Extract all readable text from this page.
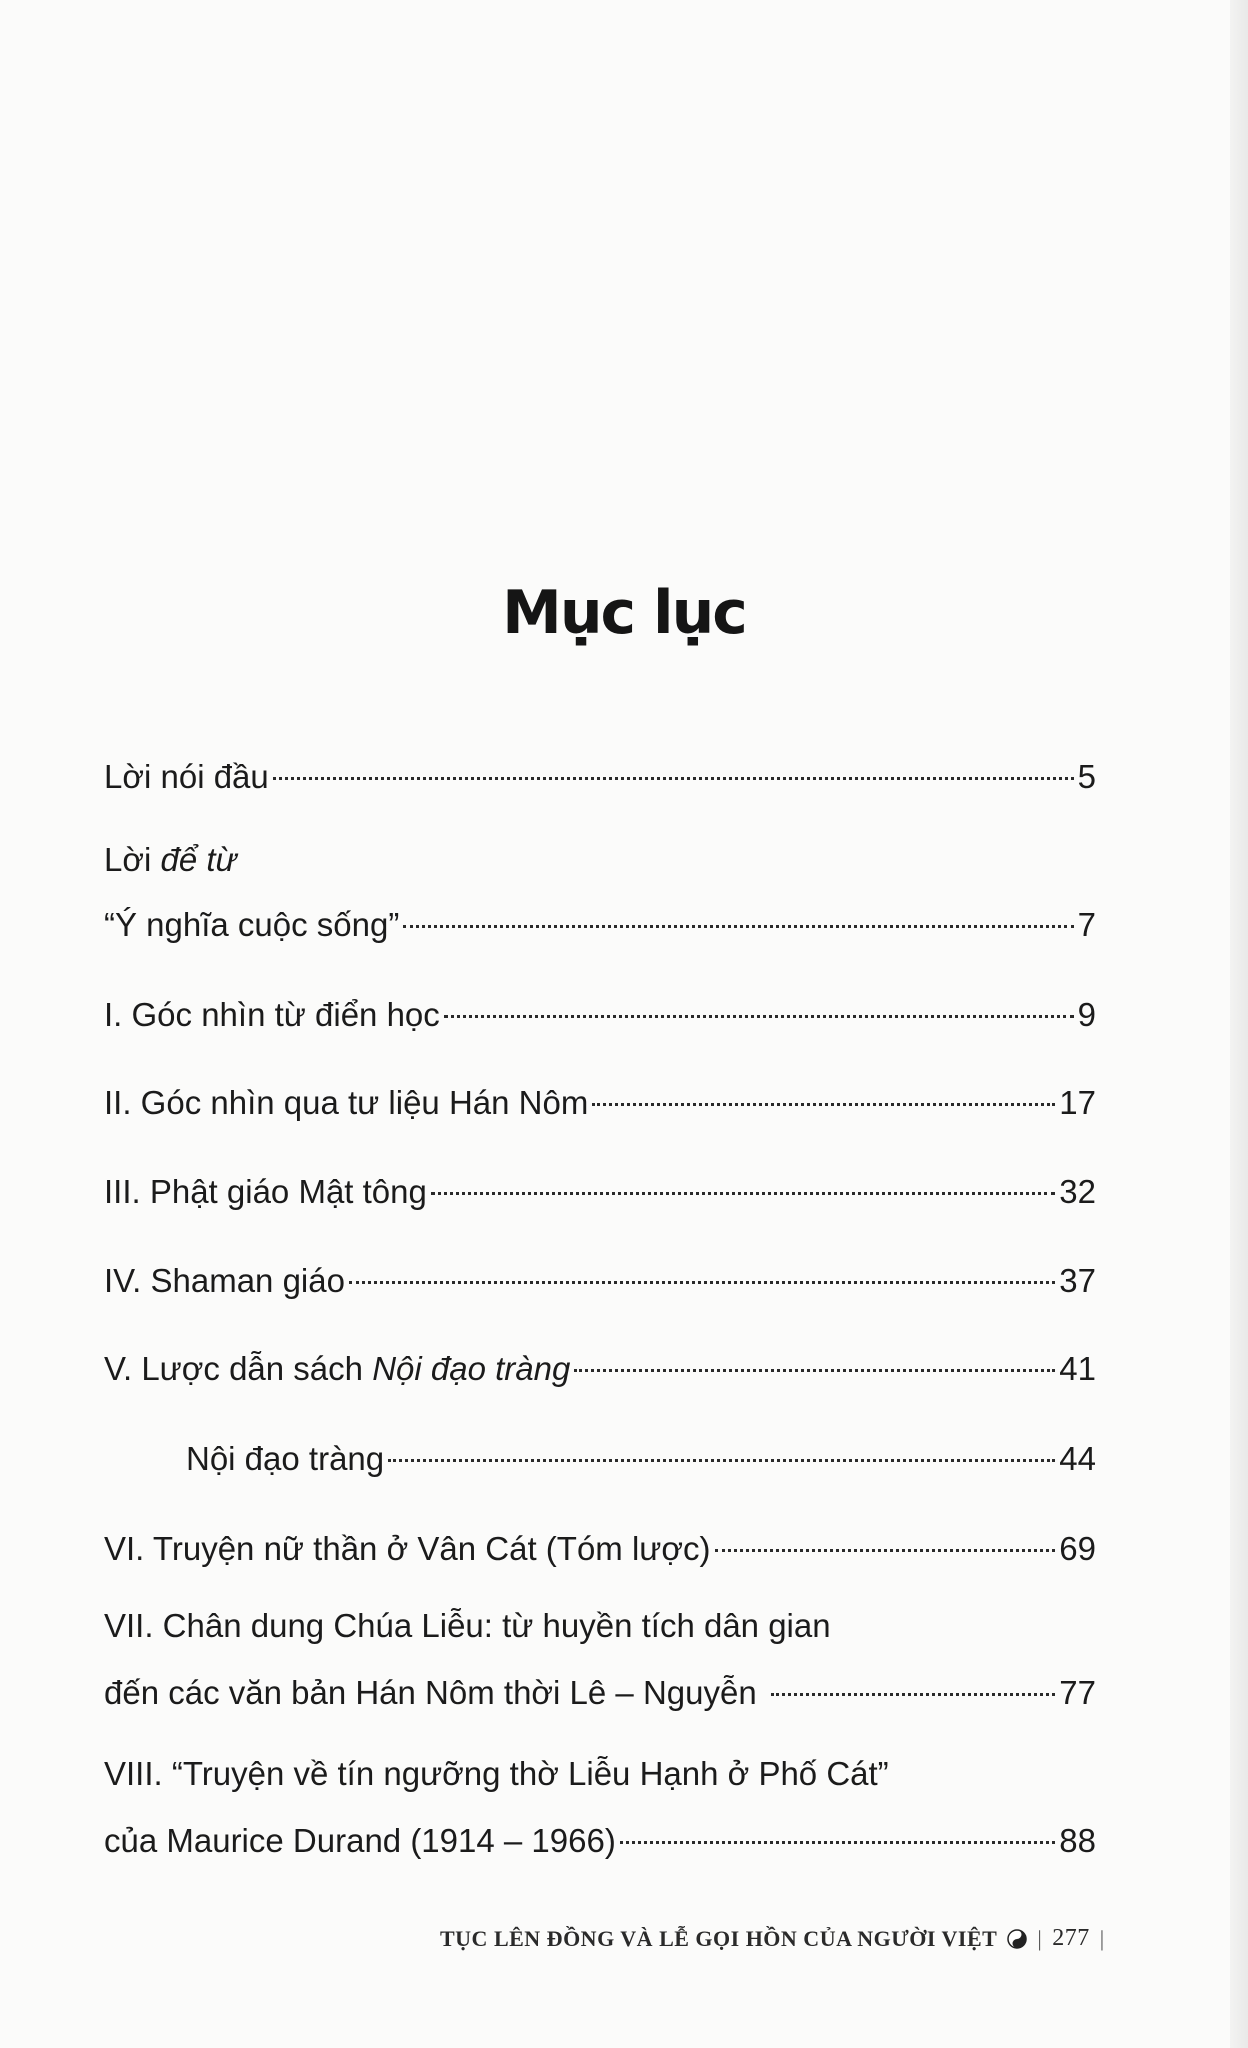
Mục lục
Lời nói đầu	5
Lời để từ
“Ý nghĩa cuộc sống”	7
I. Góc nhìn từ điển học	9
II. Góc nhìn qua tư liệu Hán Nôm	17
III. Phật giáo Mật tông	32
IV. Shaman giáo	37
V. Lược dẫn sách Nội đạo tràng	41
Nội đạo tràng	44
VI. Truyện nữ thần ở Vân Cát (Tóm lược)	69
VII. Chân dung Chúa Liễu: từ huyền tích dân gian
đến các văn bản Hán Nôm thời Lê – Nguyễn	77
VIII. “Truyện về tín ngưỡng thờ Liễu Hạnh ở Phố Cát”
của Maurice Durand (1914 – 1966)	88
TỤC LÊN ĐỒNG VÀ LỄ GỌI HỒN CỦA NGƯỜI VIỆT | 277 |
